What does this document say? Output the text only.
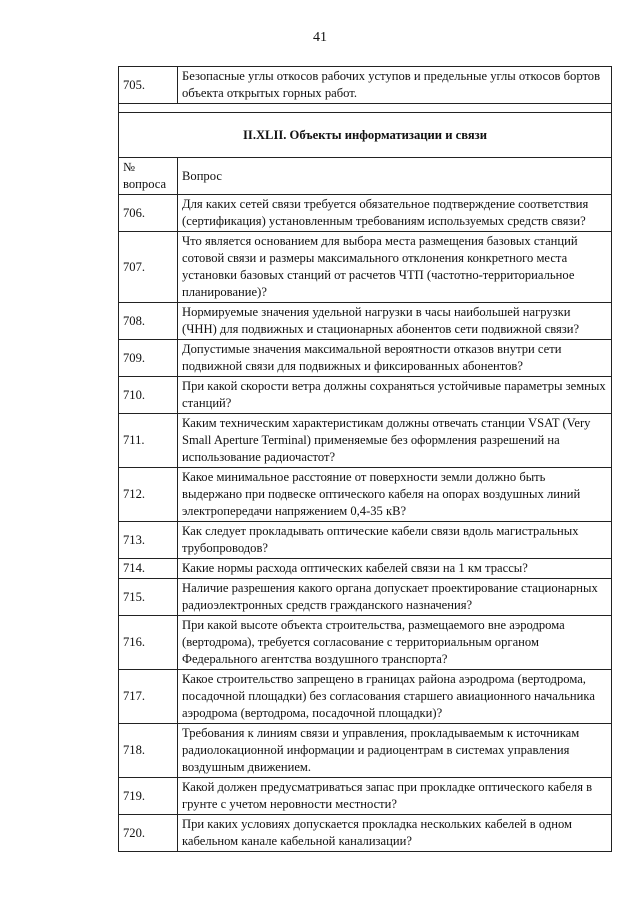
41
705.	Безопасные углы откосов рабочих уступов и предельные углы откосов бортов объекта открытых горных работ.

II.XLII. Объекты информатизации и связи	
№ вопроса	Вопрос
706.	Для каких сетей связи требуется обязательное подтверждение соответствия (сертификация) установленным требованиям используемых средств связи?
707.	Что является основанием для выбора места размещения базовых станций сотовой связи и размеры максимального отклонения конкретного места установки базовых станций от расчетов ЧТП (частотно-территориальное планирование)?
708.	Нормируемые значения удельной нагрузки в часы наибольшей нагрузки (ЧНН) для подвижных и стационарных абонентов сети подвижной связи?
709.	Допустимые значения максимальной вероятности отказов внутри сети подвижной связи для подвижных и фиксированных абонентов?
710.	При какой скорости ветра должны сохраняться устойчивые параметры земных станций?
711.	Каким техническим характеристикам должны отвечать станции VSAT (Very Small Aperture Terminal) применяемые без оформления разрешений на использование радиочастот?
712.	Какое минимальное расстояние от поверхности земли должно быть выдержано при подвеске оптического кабеля на опорах воздушных линий электропередачи напряжением 0,4-35 кВ?
713.	Как следует прокладывать оптические кабели связи вдоль магистральных трубопроводов?
714.	Какие нормы расхода оптических кабелей связи на 1 км трассы?
715.	Наличие разрешения какого органа допускает проектирование стационарных радиоэлектронных средств гражданского назначения?
716.	При какой высоте объекта строительства, размещаемого вне аэродрома (вертодрома), требуется согласование с территориальным органом Федерального агентства воздушного транспорта?
717.	Какое строительство запрещено в границах района аэродрома (вертодрома, посадочной площадки) без согласования старшего авиационного начальника аэродрома (вертодрома, посадочной площадки)?
718.	Требования к линиям связи и управления, прокладываемым к источникам радиолокационной информации и радиоцентрам в системах управления воздушным движением.
719.	Какой должен предусматриваться запас при прокладке оптического кабеля в грунте с учетом неровности местности?
720.	При каких условиях допускается прокладка нескольких кабелей в одном кабельном канале кабельной канализации?
